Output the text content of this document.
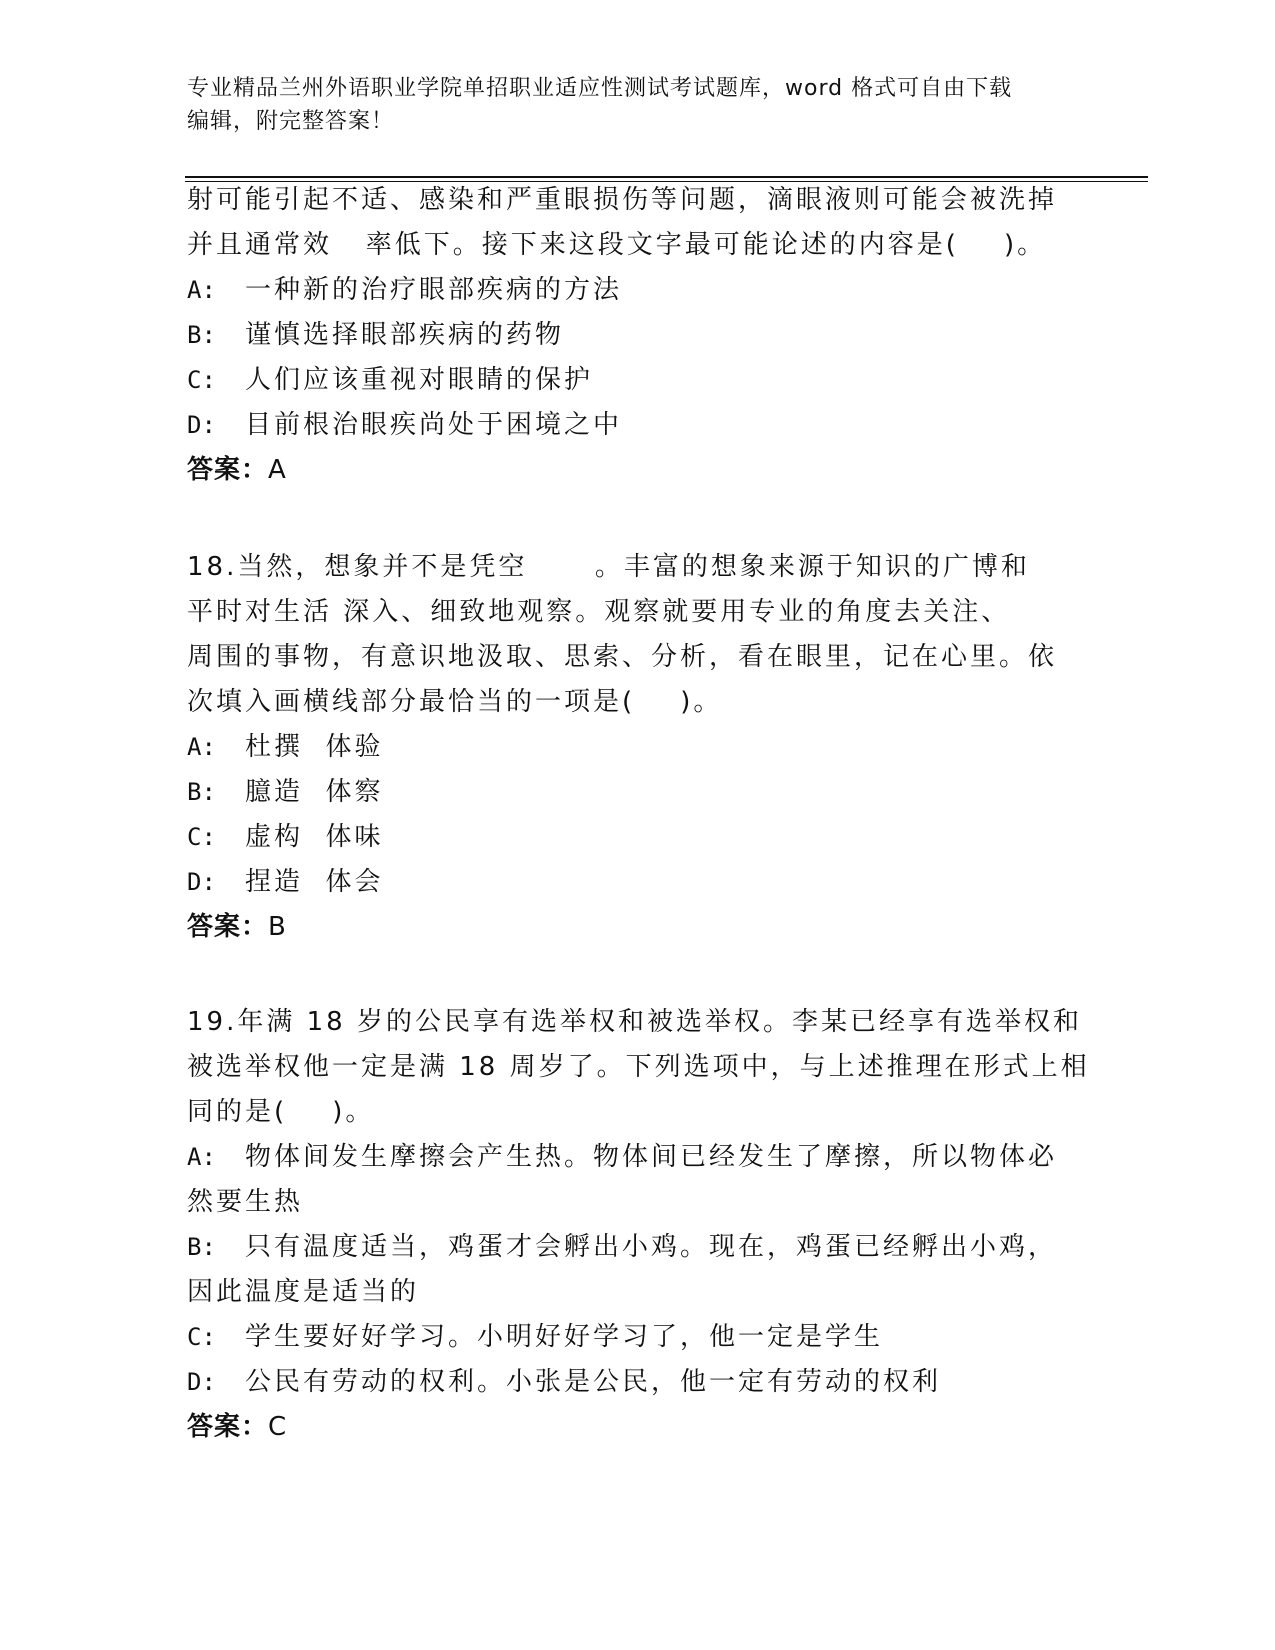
专业精品兰州外语职业学院单招职业适应性测试考试题库，word 格式可自由下载
编辑，附完整答案！
射可能引起不适、感染和严重眼损伤等问题，滴眼液则可能会被洗掉
并且通常效   率低下。接下来这段文字最可能论述的内容是(    )。
A: 一种新的治疗眼部疾病的方法
B: 谨慎选择眼部疾病的药物
C: 人们应该重视对眼睛的保护
D: 目前根治眼疾尚处于困境之中
答案：A
18.当然，想象并不是凭空      。丰富的想象来源于知识的广博和
平时对生活 深入、细致地观察。观察就要用专业的角度去关注、
周围的事物，有意识地汲取、思索、分析，看在眼里，记在心里。依
次填入画横线部分最恰当的一项是(    )。
A: 杜撰  体验
B: 臆造  体察
C: 虚构  体味
D: 捏造  体会
答案：B
19.年满 18 岁的公民享有选举权和被选举权。李某已经享有选举权和
被选举权他一定是满 18 周岁了。下列选项中，与上述推理在形式上相
同的是(    )。
A: 物体间发生摩擦会产生热。物体间已经发生了摩擦，所以物体必
然要生热
B: 只有温度适当，鸡蛋才会孵出小鸡。现在，鸡蛋已经孵出小鸡，
因此温度是适当的
C: 学生要好好学习。小明好好学习了，他一定是学生
D: 公民有劳动的权利。小张是公民，他一定有劳动的权利
答案：C
